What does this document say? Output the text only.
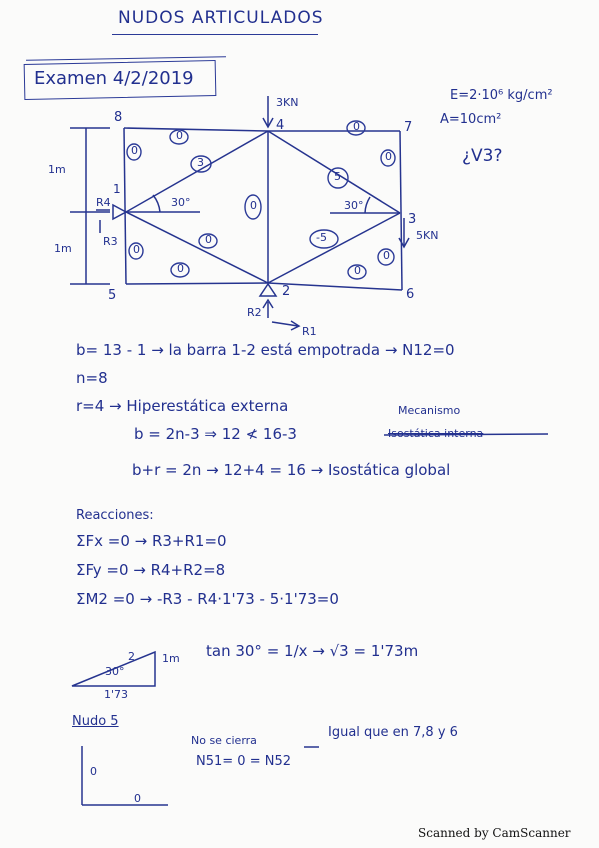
NUDOS ARTICULADOS
Examen 4/2/2019
8
4	7
1
3
5	2	6
3KN
5KN
30°	30°
1m
1m
R4
R3
R2
R1
0
0
0	0
3
5
-5
0
0
0	0
0	0
E=2·10⁶ kg/cm²
A=10cm²
¿V3?
b= 13 - 1 → la barra 1-2 está empotrada → N12=0
n=8
r=4 → Hiperestática externa	Mecanismo
b = 2n-3 ⇒ 12 ≮ 16-3	Isostática interna
b+r = 2n → 12+4 = 16 → Isostática global
Reacciones:
ΣFx =0 → R3+R1=0
ΣFy =0 → R4+R2=8
ΣM2 =0 → -R3 - R4·1'73 - 5·1'73=0
1m
2
30°
1'73
tan 30° = 1/x → √3 = 1'73m
Nudo 5
No se cierra
N51= 0 = N52
Igual que en 7,8 y 6
0
0
Scanned by CamScanner
